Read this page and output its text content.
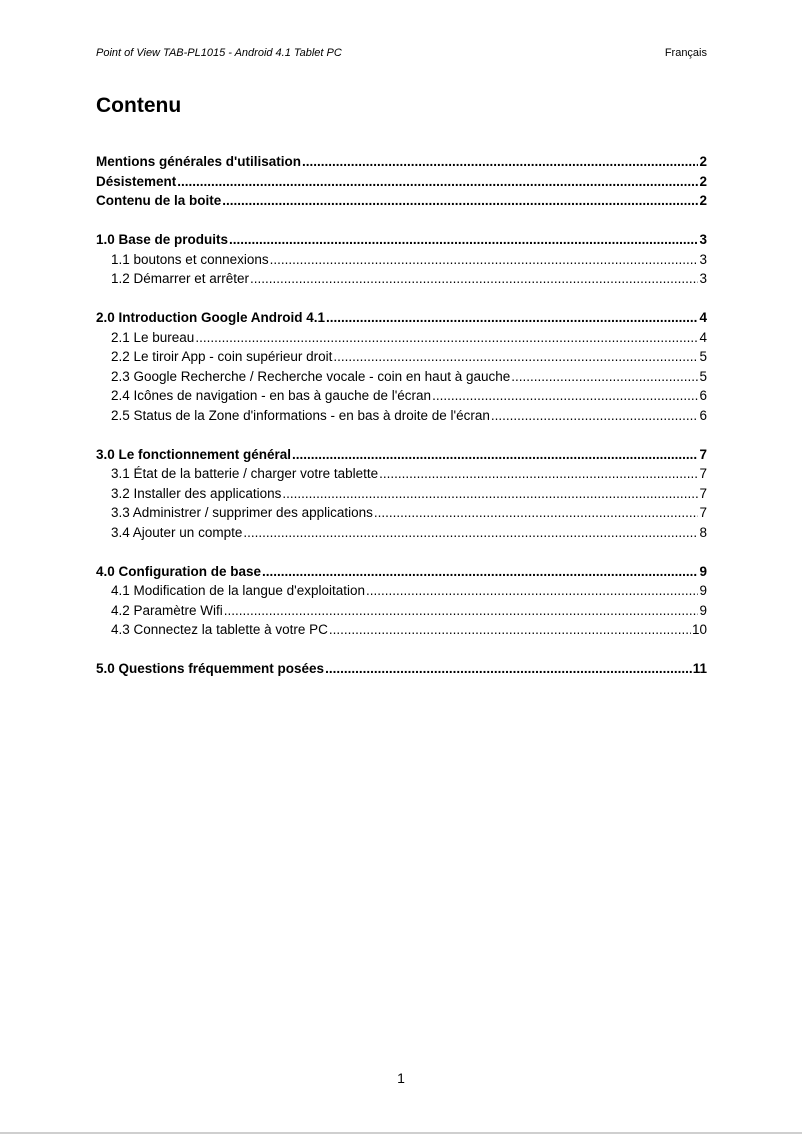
Point of View TAB-PL1015 - Android 4.1 Tablet PC	Français
Contenu
Mentions générales d'utilisation .....	2
Désistement .....	2
Contenu de la boite .....	2
1.0 Base de produits .....	3
1.1 boutons et connexions .....	3
1.2 Démarrer et arrêter .....	3
2.0 Introduction Google Android 4.1 .....	4
2.1 Le bureau .....	4
2.2 Le tiroir App - coin supérieur droit .....	5
2.3 Google Recherche / Recherche vocale - coin en haut à gauche .....	5
2.4 Icônes de navigation - en bas à gauche de l'écran .....	6
2.5 Status de la Zone d'informations - en bas à droite de l'écran .....	6
3.0 Le fonctionnement général .....	7
3.1 État de la batterie / charger votre tablette .....	7
3.2 Installer des applications .....	7
3.3 Administrer / supprimer des applications .....	7
3.4 Ajouter un compte .....	8
4.0 Configuration de base .....	9
4.1 Modification de la langue d'exploitation .....	9
4.2 Paramètre Wifi .....	9
4.3 Connectez la tablette à votre PC .....	10
5.0 Questions fréquemment posées .....	11
1
